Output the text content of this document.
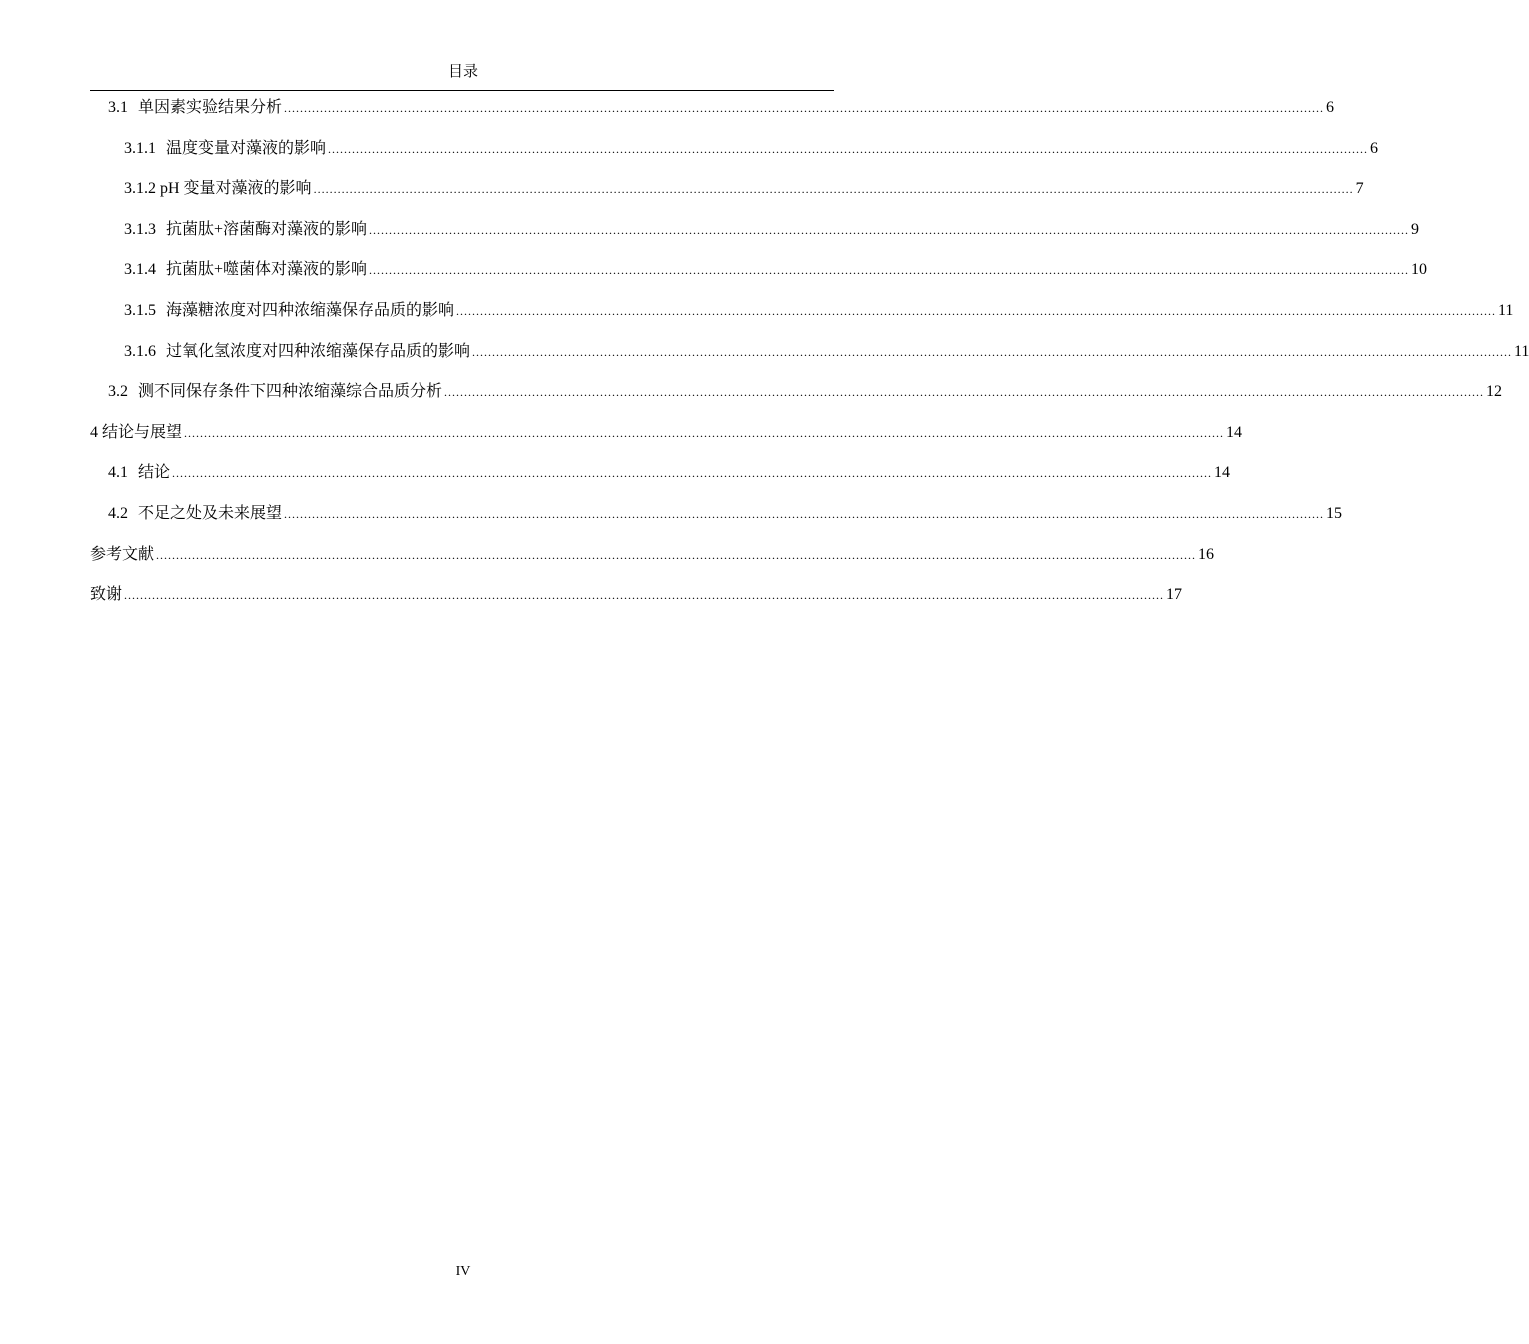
目录
3.1 单因素实验结果分析 .................................................................................................................................................................................................................................................................... 6
3.1.1 温度变量对藻液的影响 .................................................................................................................................................................................................................................................................... 6
3.1.2 pH 变量对藻液的影响 .................................................................................................................................................................................................................................................................... 7
3.1.3 抗菌肽+溶菌酶对藻液的影响 .................................................................................................................................................................................................................................................................... 9
3.1.4 抗菌肽+噬菌体对藻液的影响 .................................................................................................................................................................................................................................................................... 10
3.1.5 海藻糖浓度对四种浓缩藻保存品质的影响 .................................................................................................................................................................................................................................................................... 11
3.1.6 过氧化氢浓度对四种浓缩藻保存品质的影响 .................................................................................................................................................................................................................................................................... 11
3.2 测不同保存条件下四种浓缩藻综合品质分析 .................................................................................................................................................................................................................................................................... 12
4 结论与展望 .................................................................................................................................................................................................................................................................... 14
4.1 结论 .................................................................................................................................................................................................................................................................... 14
4.2 不足之处及未来展望 .................................................................................................................................................................................................................................................................... 15
参考文献 .................................................................................................................................................................................................................................................................... 16
致谢 .................................................................................................................................................................................................................................................................... 17
IV
